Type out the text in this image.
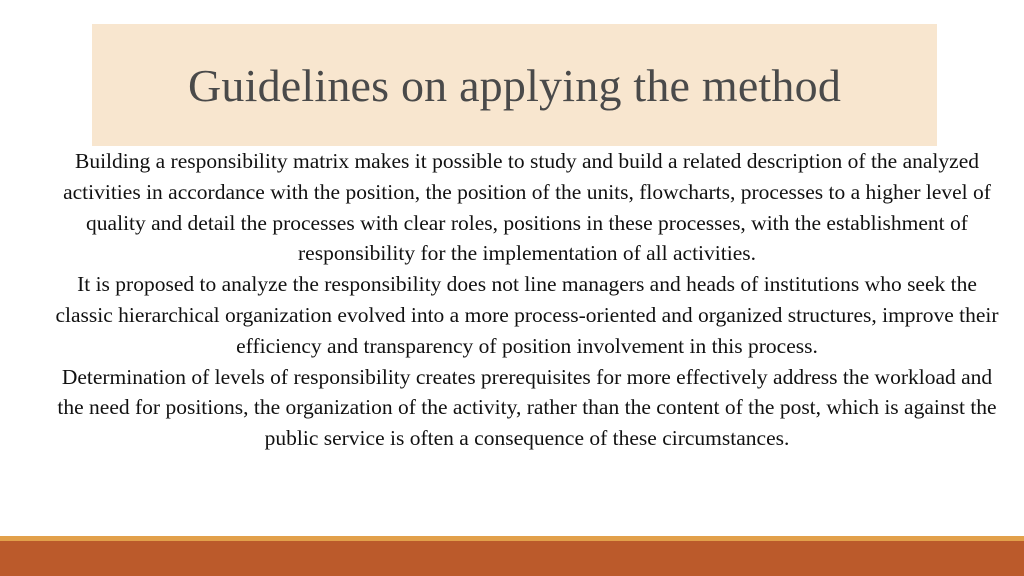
Guidelines on applying the method

Building a responsibility matrix makes it possible to study and build a related description of the analyzed activities in accordance with the position, the position of the units, flowcharts, processes to a higher level of quality and detail the processes with clear roles, positions in these processes, with the establishment of responsibility for the implementation of all activities.

It is proposed to analyze the responsibility does not line managers and heads of institutions who seek the classic hierarchical organization evolved into a more process-oriented and organized structures, improve their efficiency and transparency of position involvement in this process.

Determination of levels of responsibility creates prerequisites for more effectively address the workload and the need for positions, the organization of the activity, rather than the content of the post, which is against the public service is often a consequence of these circumstances.
